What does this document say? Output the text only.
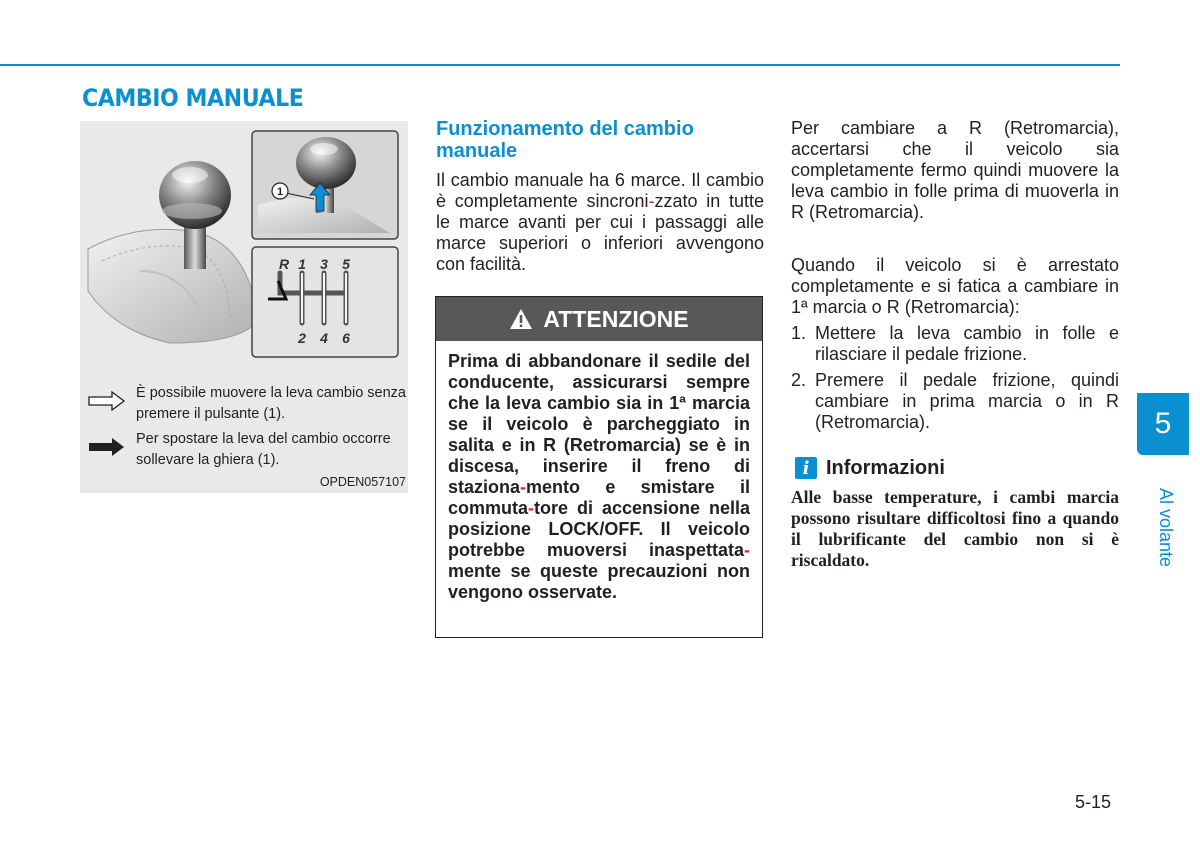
CAMBIO MANUALE
1
R 1 3 5
2 4 6
È possibile muovere la leva cambio senza premere il pulsante (1).
Per spostare la leva del cambio occorre sollevare la ghiera (1).
OPDEN057107
Funzionamento del cambio manuale

Il cambio manuale ha 6 marce. Il cambio è completamente sincroni-zzato in tutte le marce avanti per cui i passaggi alle marce superiori o inferiori avvengono con facilità.

ATTENZIONE
Prima di abbandonare il sedile del conducente, assicurarsi sempre che la leva cambio sia in 1ª marcia se il veicolo è parcheggiato in salita e in R (Retromarcia) se è in discesa, inserire il freno di staziona-mento e smistare il commuta-tore di accensione nella posizione LOCK/OFF. Il veicolo potrebbe muoversi inaspettata-mente se queste precauzioni non vengono osservate.

Per cambiare a R (Retromarcia), accertarsi che il veicolo sia completamente fermo quindi muovere la leva cambio in folle prima di muoverla in R (Retromarcia).

Quando il veicolo si è arrestato completamente e si fatica a cambiare in 1ª marcia o R (Retromarcia):

1. Mettere la leva cambio in folle e rilasciare il pedale frizione.
2. Premere il pedale frizione, quindi cambiare in prima marcia o in R (Retromarcia).
i Informazioni

Alle basse temperature, i cambi marcia possono risultare difficoltosi fino a quando il lubrificante del cambio non si è riscaldato.

5
Al volante
5-15
